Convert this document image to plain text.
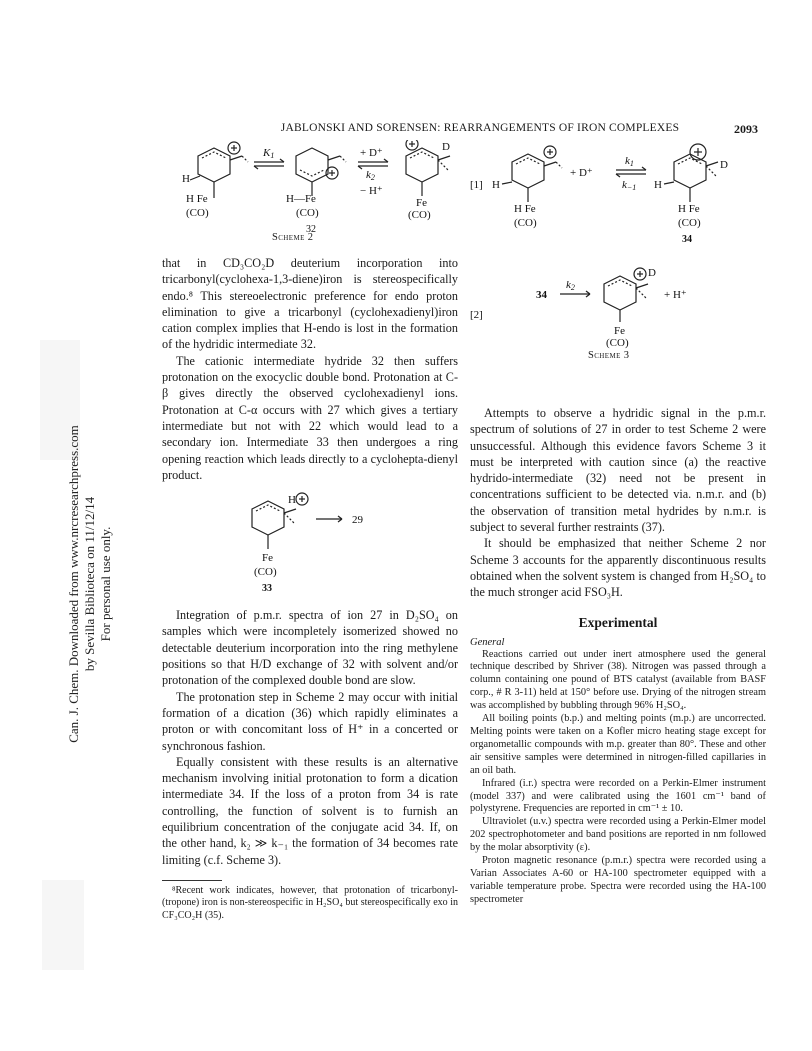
Can. J. Chem. Downloaded from www.nrcresearchpress.com by Sevilla Biblioteca on 11/12/14 For personal use only.
JABLONSKI AND SORENSEN: REARRANGEMENTS OF IRON COMPLEXES	2093
H
H Fe
(CO)
K1
H—Fe
(CO)
32
+ D⁺
k2
− H⁺
D
Fe
(CO)
Scheme 2
[1] H
+ D⁺
k1
k−1
H Fe
(CO)
H
D
H Fe
(CO)
34
[2]
34
k2
D
+ H⁺
Fe
(CO)
Scheme 3

that in CD₃CO₂D deuterium incorporation into tricarbonyl(cyclohexa-1,3-diene)iron is stereospecifically endo.⁸ This stereoelectronic preference for endo proton elimination to give a tricarbonyl (cyclohexadienyl)iron cation complex implies that H-endo is lost in the formation of the hydridic intermediate 32.

The cationic intermediate hydride 32 then suffers protonation on the exocyclic double bond. Protonation at C-β gives directly the observed cyclohexadienyl ions. Protonation at C-α occurs with 27 which gives a tertiary intermediate but not with 22 which would lead to a secondary ion. Intermediate 33 then undergoes a ring opening reaction which leads directly to a cyclohepta-dienyl product.

H
29
Fe
(CO)
33

Integration of p.m.r. spectra of ion 27 in D₂SO₄ on samples which were incompletely isomerized showed no detectable deuterium incorporation into the ring methylene positions so that H/D exchange of 32 with solvent and/or protonation of the complexed double bond are slow.

The protonation step in Scheme 2 may occur with initial formation of a dication (36) which rapidly eliminates a proton or with concomitant loss of H⁺ in a concerted or synchronous fashion.

Equally consistent with these results is an alternative mechanism involving initial protonation to form a dication intermediate 34. If the loss of a proton from 34 is rate controlling, the function of solvent is to furnish an equilibrium concentration of the conjugate acid 34. If, on the other hand, k₂ ≫ k₋₁ the formation of 34 becomes rate limiting (c.f. Scheme 3).

⁸Recent work indicates, however, that protonation of tricarbonyl-(tropone) iron is non-stereospecific in H₂SO₄ but stereospecifically exo in CF₃CO₂H (35).

Attempts to observe a hydridic signal in the p.m.r. spectrum of solutions of 27 in order to test Scheme 2 were unsuccessful. Although this evidence favors Scheme 3 it must be interpreted with caution since (a) the reactive hydrido-intermediate (32) need not be present in concentrations sufficient to be detected via. n.m.r. and (b) the observation of transition metal hydrides by n.m.r. is subject to several further restraints (37).

It should be emphasized that neither Scheme 2 nor Scheme 3 accounts for the apparently discontinuous results obtained when the solvent system is changed from H₂SO₄ to the much stronger acid FSO₃H.

Experimental
General

Reactions carried out under inert atmosphere used the general technique described by Shriver (38). Nitrogen was passed through a column containing one pound of BTS catalyst (available from BASF corp., # R 3-11) held at 150° before use. Drying of the nitrogen stream was accomplished by bubbling through 96% H₂SO₄.

All boiling points (b.p.) and melting points (m.p.) are uncorrected. Melting points were taken on a Kofler micro heating stage except for organometallic compounds with m.p. greater than 80°. These and other air sensitive samples were determined in nitrogen-filled capillaries in an oil bath.

Infrared (i.r.) spectra were recorded on a Perkin-Elmer instrument (model 337) and were calibrated using the 1601 cm⁻¹ band of polystyrene. Frequencies are reported in cm⁻¹ ± 10.

Ultraviolet (u.v.) spectra were recorded using a Perkin-Elmer model 202 spectrophotometer and band positions are reported in nm followed by the molar absorptivity (ε).

Proton magnetic resonance (p.m.r.) spectra were recorded using a Varian Associates A-60 or HA-100 spectrometer equipped with a variable temperature probe. Spectra were recorded using the HA-100 spectrometer
